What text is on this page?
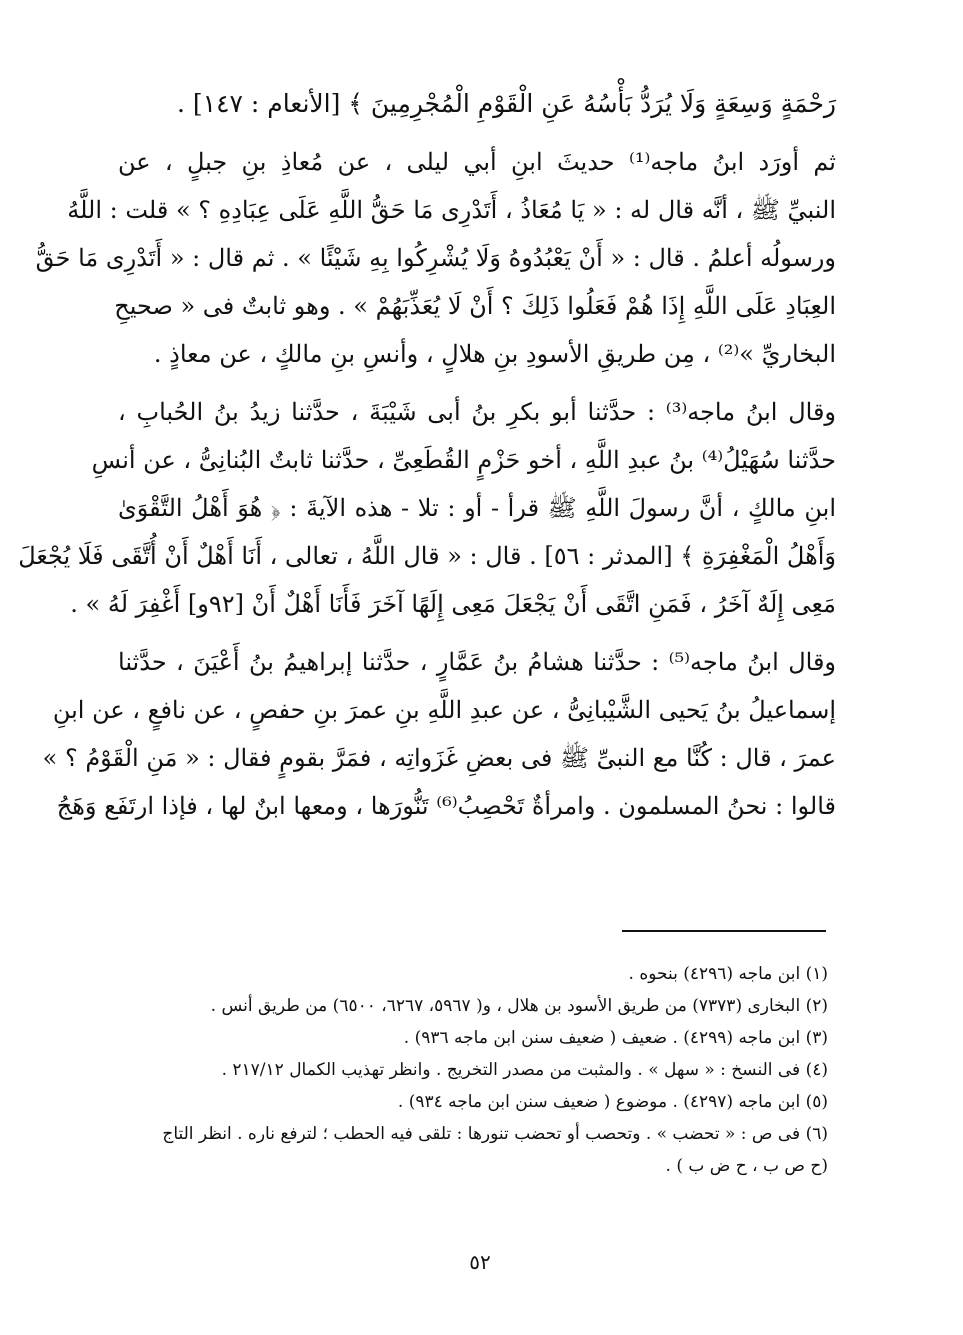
رَحْمَةٍ وَسِعَةٍ وَلَا يُرَدُّ بَأْسُهُ عَنِ الْقَوْمِ الْمُجْرِمِينَ ﴾ [الأنعام : ١٤٧] .
ثم أورَد ابنُ ماجه⁽¹⁾ حديثَ ابنِ أبي ليلى ، عن مُعاذِ بنِ جبلٍ ، عن
النبيِّ ﷺ ، أنَّه قال له : « يَا مُعَاذُ ، أَتَدْرِى مَا حَقُّ اللَّهِ عَلَى عِبَادِهِ ؟ » قلت : اللَّهُ
ورسولُه أعلمُ . قال : « أَنْ يَعْبُدُوهُ وَلَا يُشْرِكُوا بِهِ شَيْئًا » . ثم قال : « أَتَدْرِى مَا حَقُّ
العِبَادِ عَلَى اللَّهِ إِذَا هُمْ فَعَلُوا ذَلِكَ ؟ أَنْ لَا يُعَذِّبَهُمْ » . وهو ثابتٌ فى « صحيحِ
البخاريِّ »⁽²⁾ ، مِن طريقِ الأسودِ بنِ هلالٍ ، وأنسِ بنِ مالكٍ ، عن معاذٍ .
وقال ابنُ ماجه⁽³⁾ : حدَّثنا أبو بكرِ بنُ أبى شَيْبَةَ ، حدَّثنا زيدُ بنُ الحُبابِ ،
حدَّثنا سُهَيْلُ⁽⁴⁾ بنُ عبدِ اللَّهِ ، أخو حَزْمٍ القُطَعِىِّ ، حدَّثنا ثابتٌ البُنانِىُّ ، عن أنسِ
ابنِ مالكٍ ، أنَّ رسولَ اللَّهِ ﷺ قرأ - أو : تلا - هذه الآيةَ : ﴿ هُوَ أَهْلُ التَّقْوَىٰ
وَأَهْلُ الْمَغْفِرَةِ ﴾ [المدثر : ٥٦] . قال : « قال اللَّهُ ، تعالى ، أَنَا أَهْلٌ أَنْ أُتَّقَى فَلَا يُجْعَلَ
مَعِى إِلَهٌ آخَرُ ، فَمَنِ اتَّقَى أَنْ يَجْعَلَ مَعِى إِلَهًا آخَرَ فَأَنَا أَهْلٌ أَنْ [٩٢و] أَغْفِرَ لَهُ » .
وقال ابنُ ماجه⁽⁵⁾ : حدَّثنا هشامُ بنُ عَمَّارٍ ، حدَّثنا إبراهيمُ بنُ أَعْيَنَ ، حدَّثنا
إسماعيلُ بنُ يَحيى الشَّيْبانِىُّ ، عن عبدِ اللَّهِ بنِ عمرَ بنِ حفصٍ ، عن نافعٍ ، عن ابنِ
عمرَ ، قال : كُنَّا مع النبىِّ ﷺ فى بعضِ غَزَواتِه ، فمَرَّ بقومٍ فقال : « مَنِ الْقَوْمُ ؟ »
قالوا : نحنُ المسلمون . وامرأةٌ تَحْصِبُ⁽⁶⁾ تَنُّورَها ، ومعها ابنٌ لها ، فإذا ارتَفَع وَهَجُ
(١) ابن ماجه (٤٢٩٦) بنحوه .
(٢) البخارى (٧٣٧٣) من طريق الأسود بن هلال ، و( ٥٩٦٧، ٦٢٦٧، ٦٥٠٠) من طريق أنس .
(٣) ابن ماجه (٤٢٩٩) . ضعيف ( ضعيف سنن ابن ماجه ٩٣٦) .
(٤) فى النسخ : « سهل » . والمثبت من مصدر التخريج . وانظر تهذيب الكمال ٢١٧/١٢ .
(٥) ابن ماجه (٤٢٩٧) . موضوع ( ضعيف سنن ابن ماجه ٩٣٤) .
(٦) فى ص : « تحضب » . وتحصب أو تحضب تنورها : تلقى فيه الحطب ؛ لترفع ناره . انظر التاج
(ح ص ب ، ح ض ب ) .
٥٢
